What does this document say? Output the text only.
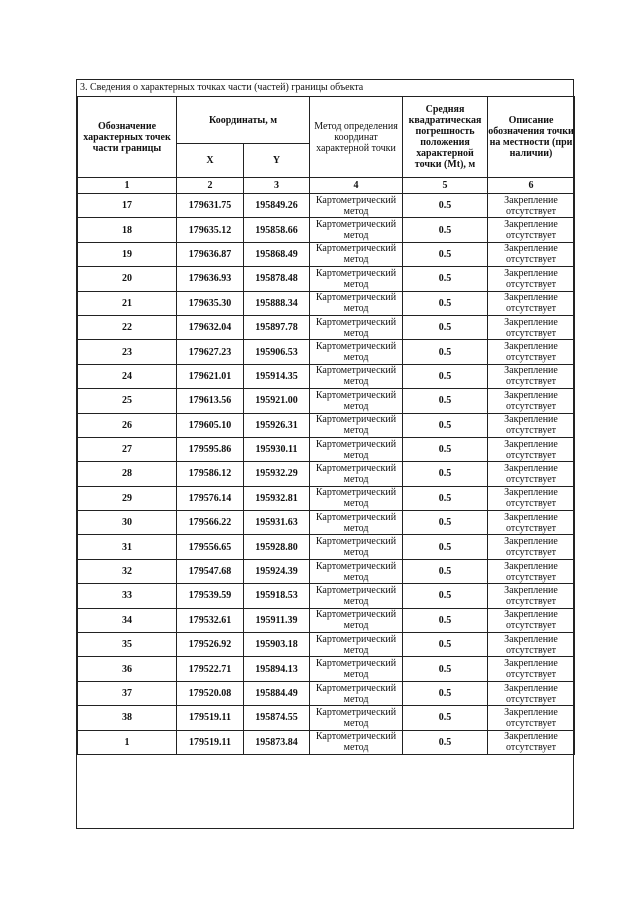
3. Сведения о характерных точках части (частей) границы объекта
Обозначение характерных точек части границы	Координаты, м		Метод определения координат характерной точки	Средняя квадратическая погрешность положения характерной точки (Mt), м	Описание обозначения точки на местности (при наличии)
	X	Y			
1	2	3	4	5	6
17	179631.75	195849.26	Картометрический метод	0.5	Закрепление отсутствует
18	179635.12	195858.66	Картометрический метод	0.5	Закрепление отсутствует
19	179636.87	195868.49	Картометрический метод	0.5	Закрепление отсутствует
20	179636.93	195878.48	Картометрический метод	0.5	Закрепление отсутствует
21	179635.30	195888.34	Картометрический метод	0.5	Закрепление отсутствует
22	179632.04	195897.78	Картометрический метод	0.5	Закрепление отсутствует
23	179627.23	195906.53	Картометрический метод	0.5	Закрепление отсутствует
24	179621.01	195914.35	Картометрический метод	0.5	Закрепление отсутствует
25	179613.56	195921.00	Картометрический метод	0.5	Закрепление отсутствует
26	179605.10	195926.31	Картометрический метод	0.5	Закрепление отсутствует
27	179595.86	195930.11	Картометрический метод	0.5	Закрепление отсутствует
28	179586.12	195932.29	Картометрический метод	0.5	Закрепление отсутствует
29	179576.14	195932.81	Картометрический метод	0.5	Закрепление отсутствует
30	179566.22	195931.63	Картометрический метод	0.5	Закрепление отсутствует
31	179556.65	195928.80	Картометрический метод	0.5	Закрепление отсутствует
32	179547.68	195924.39	Картометрический метод	0.5	Закрепление отсутствует
33	179539.59	195918.53	Картометрический метод	0.5	Закрепление отсутствует
34	179532.61	195911.39	Картометрический метод	0.5	Закрепление отсутствует
35	179526.92	195903.18	Картометрический метод	0.5	Закрепление отсутствует
36	179522.71	195894.13	Картометрический метод	0.5	Закрепление отсутствует
37	179520.08	195884.49	Картометрический метод	0.5	Закрепление отсутствует
38	179519.11	195874.55	Картометрический метод	0.5	Закрепление отсутствует
1	179519.11	195873.84	Картометрический метод	0.5	Закрепление отсутствует
